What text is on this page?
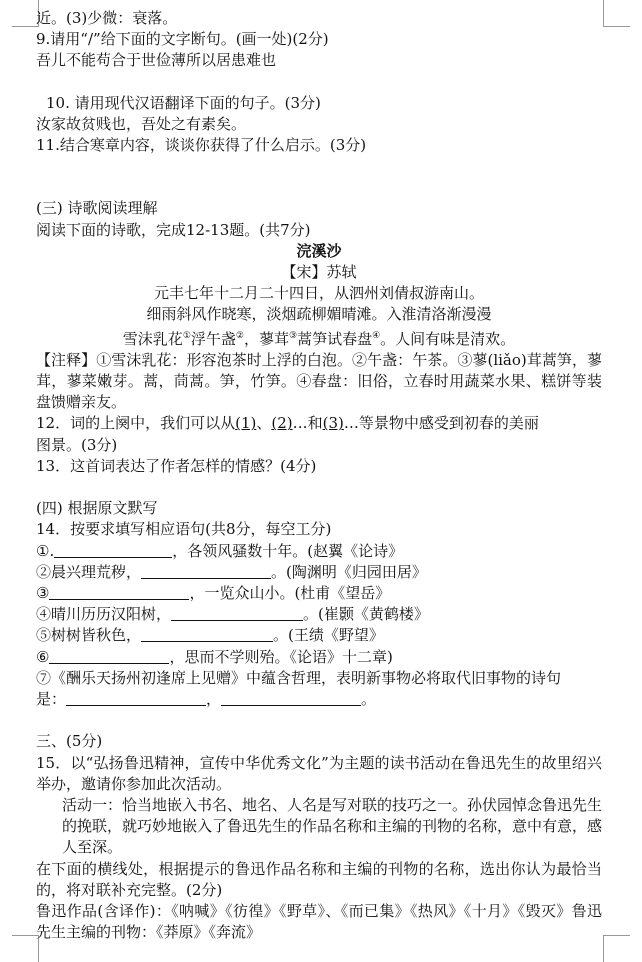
近。(3)少微：衰落。
9.请用“/”给下面的文字断句。(画一处)(2分)
吾儿不能苟合于世俭薄所以居患难也
10. 请用现代汉语翻译下面的句子。(3分)
汝家故贫贱也，吾处之有素矣。
11.结合寒章内容，谈谈你获得了什么启示。(3分)
(三) 诗歌阅读理解
阅读下面的诗歌，完成12-13题。(共7分)
浣溪沙
【宋】苏轼
元丰七年十二月二十四日，从泗州刘倩叔游南山。
细雨斜风作晓寒，淡烟疏柳媚晴滩。入淮清洛渐漫漫
雪沫乳花①浮午盏②，蓼茸③蒿笋试春盘④。人间有味是清欢。
【注释】①雪沫乳花：形容泡茶时上浮的白泡。②午盏：午茶。③蓼(liǎo)茸蒿笋，蓼茸，蓼菜嫩芽。蒿，茼蒿。笋，竹笋。④春盘：旧俗，立春时用蔬菜水果、糕饼等装盘馈赠亲友。
12．词的上阕中，我们可以从(1)、(2)…和(3)…等景物中感受到初春的美丽
图景。(3分)
13．这首词表达了作者怎样的情感？(4分)
(四) 根据原文默写
14．按要求填写相应语句(共8分，每空工分)
①.	，各领风骚数十年。(赵翼《论诗》
②晨兴理荒秽，	。(陶渊明《归园田居》
③	，一览众山小。(杜甫《望岳》
④晴川历历汉阳树，	。(崔颢《黄鹤楼》
⑤树树皆秋色，	。(王绩《野望》
⑥	，思而不学则殆。《论语》十二章)
⑦《酬乐天扬州初逢席上见赠》中蕴含哲理，表明新事物必将取代旧事物的诗句
是：	，	。
三、(5分)
15．以“弘扬鲁迅精神，宣传中华优秀文化”为主题的读书活动在鲁迅先生的故里绍兴举办，邀请你参加此次活动。
活动一：恰当地嵌入书名、地名、人名是写对联的技巧之一。孙伏园悼念鲁迅先生的挽联，就巧妙地嵌入了鲁迅先生的作品名称和主编的刊物的名称，意中有意，感人至深。
在下面的横线处，根据提示的鲁迅作品名称和主编的刊物的名称，选出你认为最恰当的，将对联补充完整。(2分)
鲁迅作品(含译作)：《呐喊》《彷徨》《野草》、《而已集》《热风》《十月》《毁灭》鲁迅先生主编的刊物：《莽原》《奔流》
